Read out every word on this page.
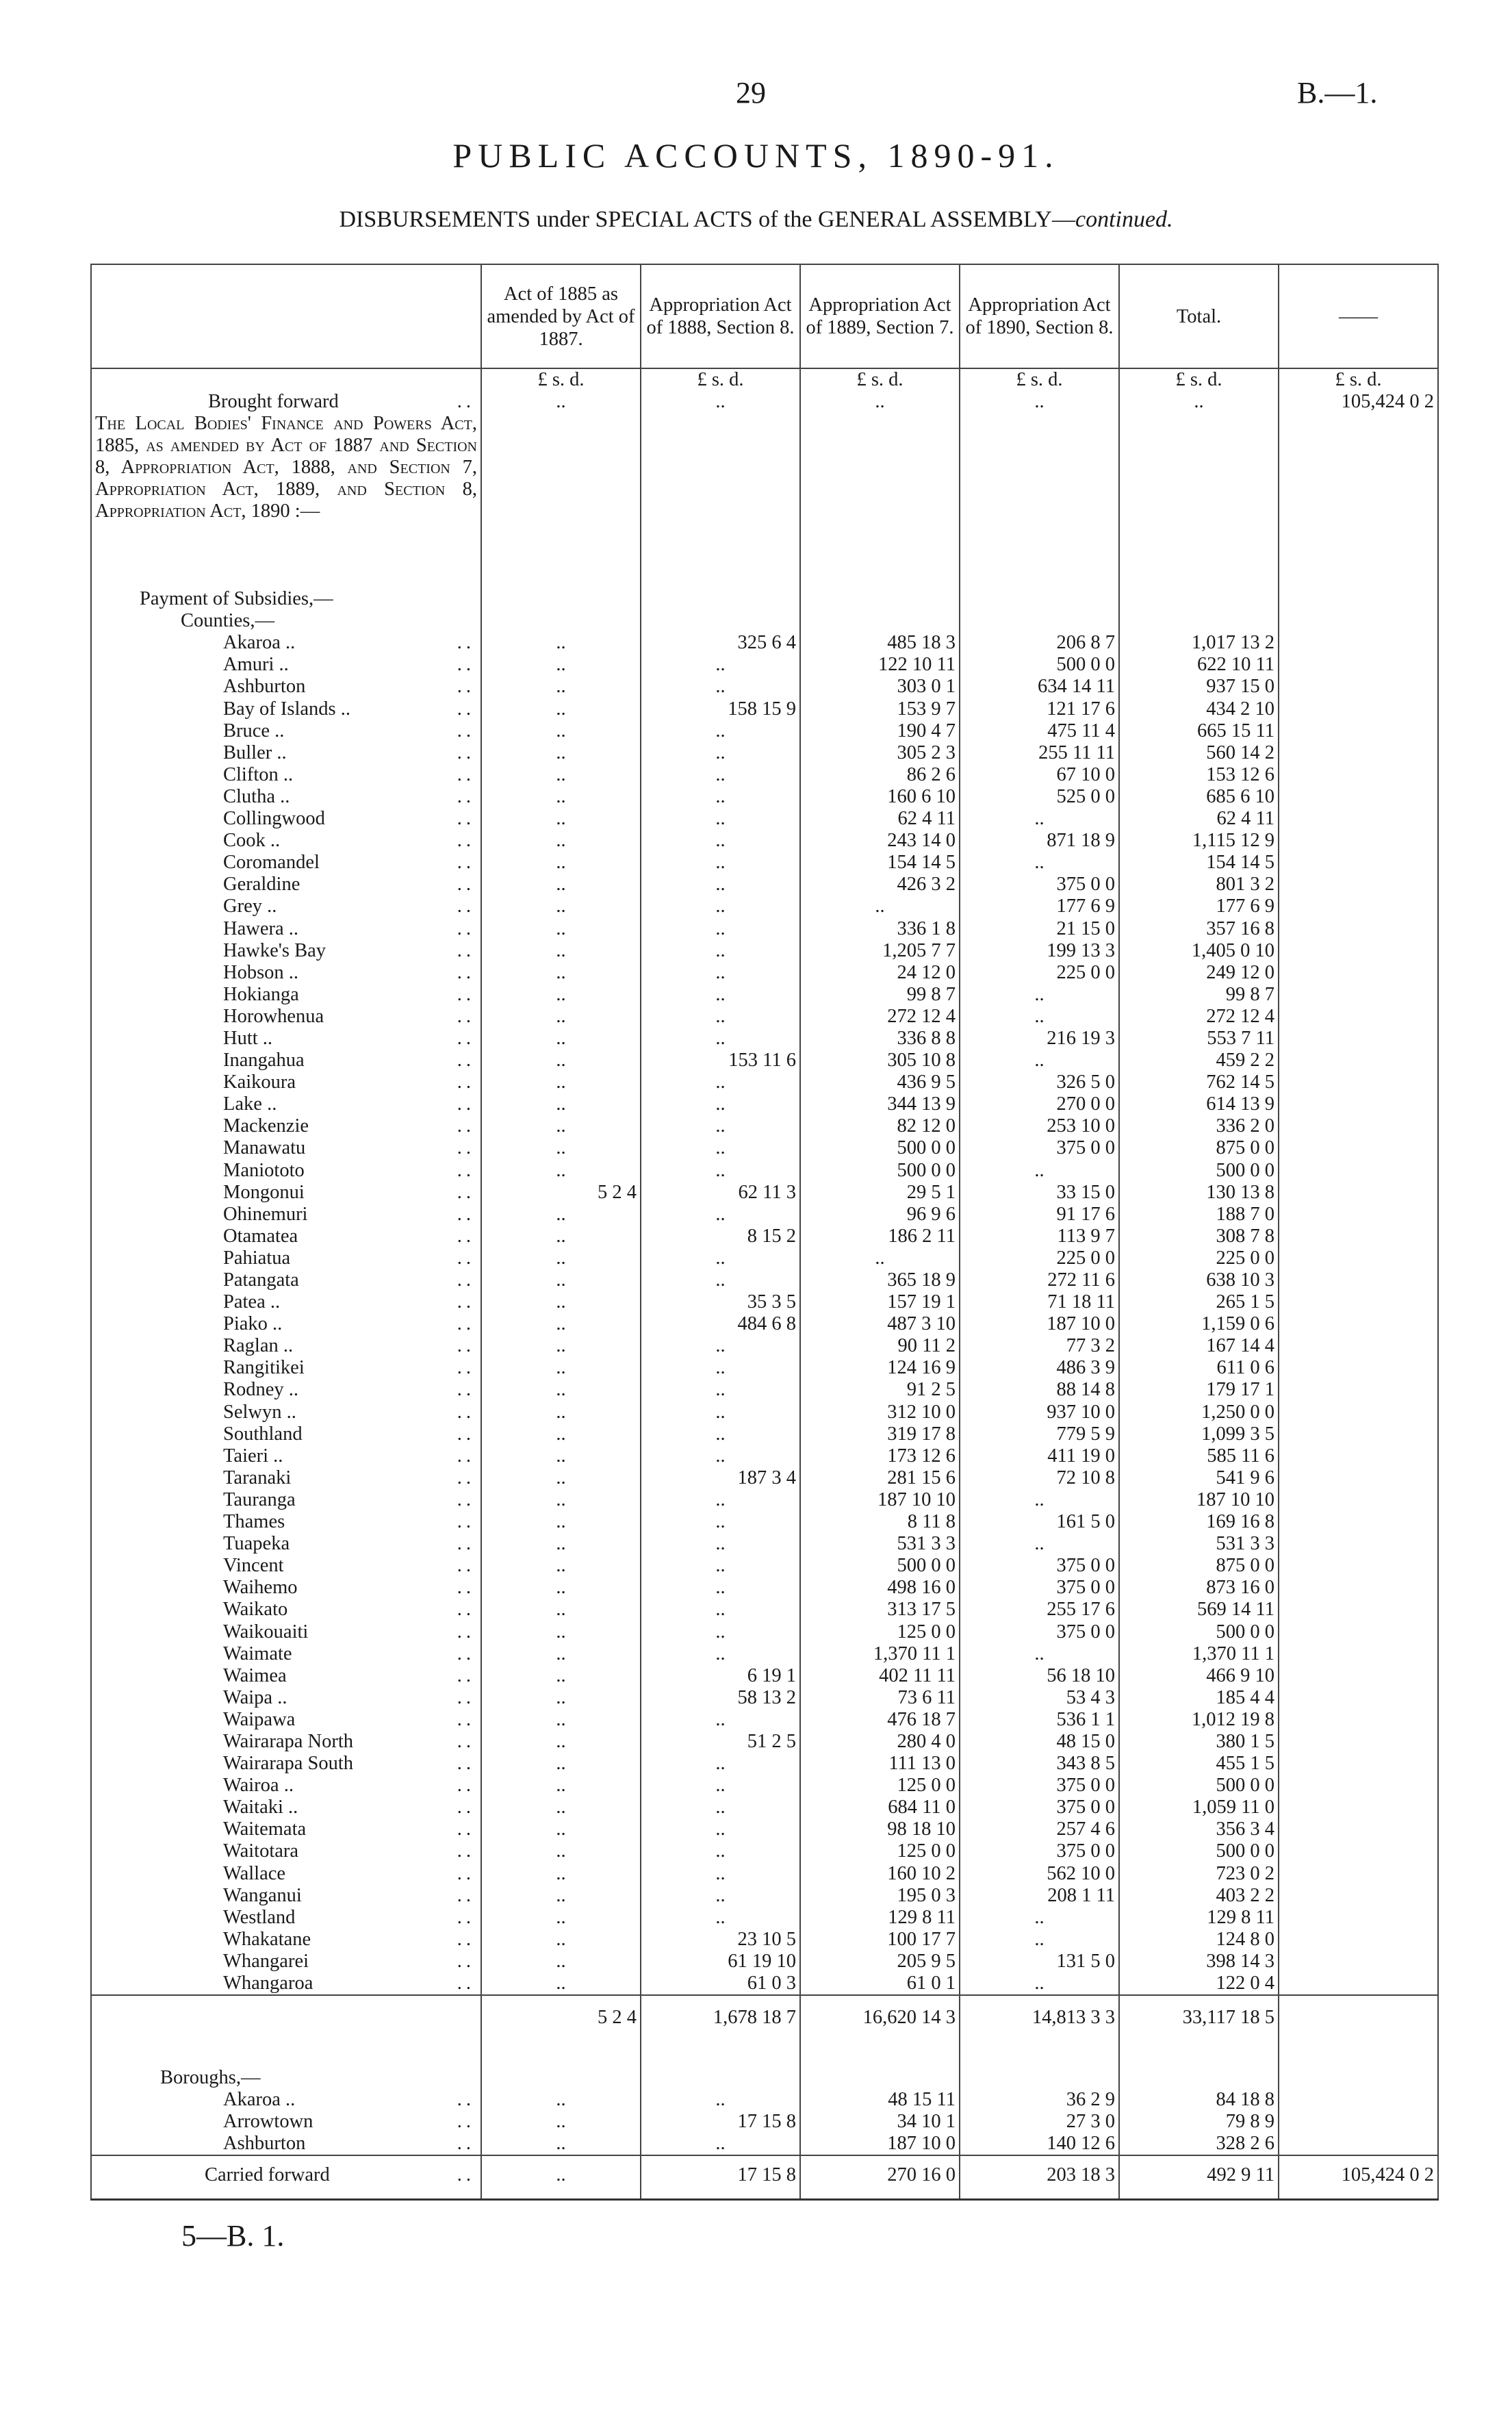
29	B.—1.
PUBLIC ACCOUNTS, 1890-91.
DISBURSEMENTS under SPECIAL ACTS of the GENERAL ASSEMBLY—continued.
	Act of 1885 as amended by Act of 1887.	Appropriation Act of 1888, Section 8.	Appropriation Act of 1889, Section 7.	Appropriation Act of 1890, Section 8.	Total.	——
	£ s. d.	£ s. d.	£ s. d.	£ s. d.	£ s. d.	£ s. d.
Brought forward ..	..	..	..	..	..	105,424 0 2
The Local Bodies' Finance and Powers Act, 1885, as amended by Act of 1887 and Section 8, Appropriation Act, 1888, and Section 7, Appropriation Act, 1889, and Section 8, Appropriation Act, 1890 :—						
Payment of Subsidies,—						
Counties,—						
Akaroa .. ..	..	325 6 4	485 18 3	206 8 7	1,017 13 2	
Amuri .. ..	..	..	122 10 11	500 0 0	622 10 11	
Ashburton ..	..	..	303 0 1	634 14 11	937 15 0	
Bay of Islands .. ..	..	158 15 9	153 9 7	121 17 6	434 2 10	
Bruce .. ..	..	..	190 4 7	475 11 4	665 15 11	
Buller .. ..	..	..	305 2 3	255 11 11	560 14 2	
Clifton .. ..	..	..	86 2 6	67 10 0	153 12 6	
Clutha .. ..	..	..	160 6 10	525 0 0	685 6 10	
Collingwood ..	..	..	62 4 11	..	62 4 11	
Cook .. ..	..	..	243 14 0	871 18 9	1,115 12 9	
Coromandel ..	..	..	154 14 5	..	154 14 5	
Geraldine ..	..	..	426 3 2	375 0 0	801 3 2	
Grey .. ..	..	..	..	177 6 9	177 6 9	
Hawera .. ..	..	..	336 1 8	21 15 0	357 16 8	
Hawke's Bay ..	..	..	1,205 7 7	199 13 3	1,405 0 10	
Hobson .. ..	..	..	24 12 0	225 0 0	249 12 0	
Hokianga ..	..	..	99 8 7	..	99 8 7	
Horowhenua ..	..	..	272 12 4	..	272 12 4	
Hutt .. ..	..	..	336 8 8	216 19 3	553 7 11	
Inangahua ..	..	153 11 6	305 10 8	..	459 2 2	
Kaikoura ..	..	..	436 9 5	326 5 0	762 14 5	
Lake .. ..	..	..	344 13 9	270 0 0	614 13 9	
Mackenzie ..	..	..	82 12 0	253 10 0	336 2 0	
Manawatu ..	..	..	500 0 0	375 0 0	875 0 0	
Maniototo ..	..	..	500 0 0	..	500 0 0	
Mongonui ..	5 2 4	62 11 3	29 5 1	33 15 0	130 13 8	
Ohinemuri ..	..	..	96 9 6	91 17 6	188 7 0	
Otamatea ..	..	8 15 2	186 2 11	113 9 7	308 7 8	
Pahiatua ..	..	..	..	225 0 0	225 0 0	
Patangata ..	..	..	365 18 9	272 11 6	638 10 3	
Patea .. ..	..	35 3 5	157 19 1	71 18 11	265 1 5	
Piako .. ..	..	484 6 8	487 3 10	187 10 0	1,159 0 6	
Raglan .. ..	..	..	90 11 2	77 3 2	167 14 4	
Rangitikei ..	..	..	124 16 9	486 3 9	611 0 6	
Rodney .. ..	..	..	91 2 5	88 14 8	179 17 1	
Selwyn .. ..	..	..	312 10 0	937 10 0	1,250 0 0	
Southland ..	..	..	319 17 8	779 5 9	1,099 3 5	
Taieri .. ..	..	..	173 12 6	411 19 0	585 11 6	
Taranaki ..	..	187 3 4	281 15 6	72 10 8	541 9 6	
Tauranga ..	..	..	187 10 10	..	187 10 10	
Thames ..	..	..	8 11 8	161 5 0	169 16 8	
Tuapeka ..	..	..	531 3 3	..	531 3 3	
Vincent ..	..	..	500 0 0	375 0 0	875 0 0	
Waihemo ..	..	..	498 16 0	375 0 0	873 16 0	
Waikato ..	..	..	313 17 5	255 17 6	569 14 11	
Waikouaiti ..	..	..	125 0 0	375 0 0	500 0 0	
Waimate ..	..	..	1,370 11 1	..	1,370 11 1	
Waimea ..	..	6 19 1	402 11 11	56 18 10	466 9 10	
Waipa .. ..	..	58 13 2	73 6 11	53 4 3	185 4 4	
Waipawa ..	..	..	476 18 7	536 1 1	1,012 19 8	
Wairarapa North ..	..	51 2 5	280 4 0	48 15 0	380 1 5	
Wairarapa South ..	..	..	111 13 0	343 8 5	455 1 5	
Wairoa .. ..	..	..	125 0 0	375 0 0	500 0 0	
Waitaki .. ..	..	..	684 11 0	375 0 0	1,059 11 0	
Waitemata ..	..	..	98 18 10	257 4 6	356 3 4	
Waitotara ..	..	..	125 0 0	375 0 0	500 0 0	
Wallace ..	..	..	160 10 2	562 10 0	723 0 2	
Wanganui ..	..	..	195 0 3	208 1 11	403 2 2	
Westland ..	..	..	129 8 11	..	129 8 11	
Whakatane ..	..	23 10 5	100 17 7	..	124 8 0	
Whangarei ..	..	61 19 10	205 9 5	131 5 0	398 14 3	
Whangaroa ..	..	61 0 3	61 0 1	..	122 0 4	
	5 2 4	1,678 18 7	16,620 14 3	14,813 3 3	33,117 18 5	

Boroughs,—						
Akaroa .. ..	..	..	48 15 11	36 2 9	84 18 8	
Arrowtown ..	..	17 15 8	34 10 1	27 3 0	79 8 9	
Ashburton ..	..	..	187 10 0	140 12 6	328 2 6	
Carried forward ..	..	17 15 8	270 16 0	203 18 3	492 9 11	105,424 0 2
5—B. 1.
